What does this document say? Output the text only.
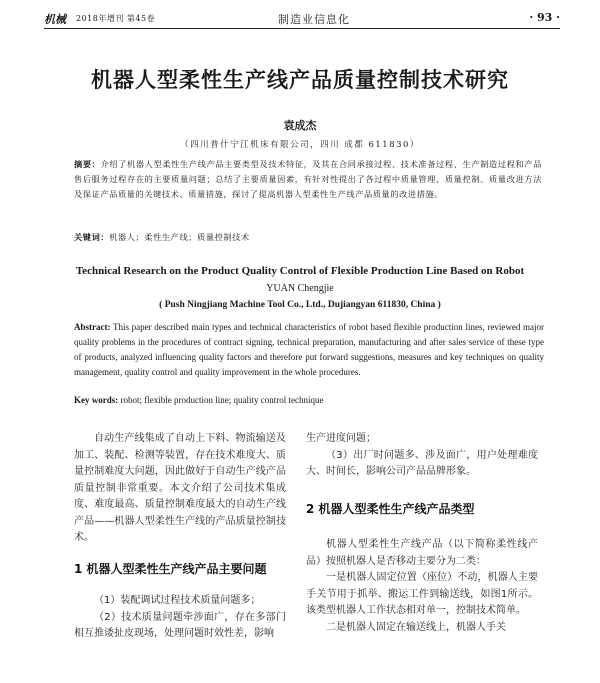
机械 2018年增刊 第45卷	制造业信息化	· 93 ·
机器人型柔性生产线产品质量控制技术研究
袁成杰
（四川普什宁江机床有限公司，四川 成都 611830）
摘要：介绍了机器人型柔性生产线产品主要类型及技术特征，及其在合同承接过程、技术准备过程、生产制造过程和产品售后服务过程存在的主要质量问题；总结了主要质量因素，有针对性提出了各过程中质量管理、质量控制、质量改进方法及保证产品质量的关键技术、质量措施，探讨了提高机器人型柔性生产线产品质量的改进措施。
关键词：机器人；柔性生产线；质量控制技术
Technical Research on the Product Quality Control of Flexible Production Line Based on Robot
YUAN Chengjie
( Push Ningjiang Machine Tool Co., Ltd., Dujiangyan 611830, China )
Abstract: This paper described main types and technical characteristics of robot based flexible production lines, reviewed major quality problems in the procedures of contract signing, technical preparation, manufacturing and after sales service of these type of products, analyzed influencing quality factors and therefore put forward suggestions, measures and key techniques on quality management, quality control and quality improvement in the whole procedures.
Key words: robot; flexible production line; quality control technique

自动生产线集成了自动上下料、物流输送及加工、装配、检测等装置，存在技术难度大、质量控制难度大问题，因此做好于自动生产线产品质量控制非常重要。本文介绍了公司技术集成度、难度最高、质量控制难度最大的自动生产线产品——机器人型柔性生产线的产品质量控制技术。

1 机器人型柔性生产线产品主要问题

（1）装配调试过程技术质量问题多；

（2）技术质量问题牵涉面广，存在多部门相互推诿扯皮现场，处理问题时效性差，影响

生产进度问题；

（3）出厂时问题多、涉及面广，用户处理难度大、时间长，影响公司产品品牌形象。

2 机器人型柔性生产线产品类型

机器人型柔性生产线产品（以下简称柔性线产品）按照机器人是否移动主要分为二类：

一是机器人固定位置（座位）不动，机器人主要手关节用于抓举、搬运工件到输送线，如图1所示。该类型机器人工作状态相对单一，控制技术简单。

二是机器人固定在输送线上，机器人手关
